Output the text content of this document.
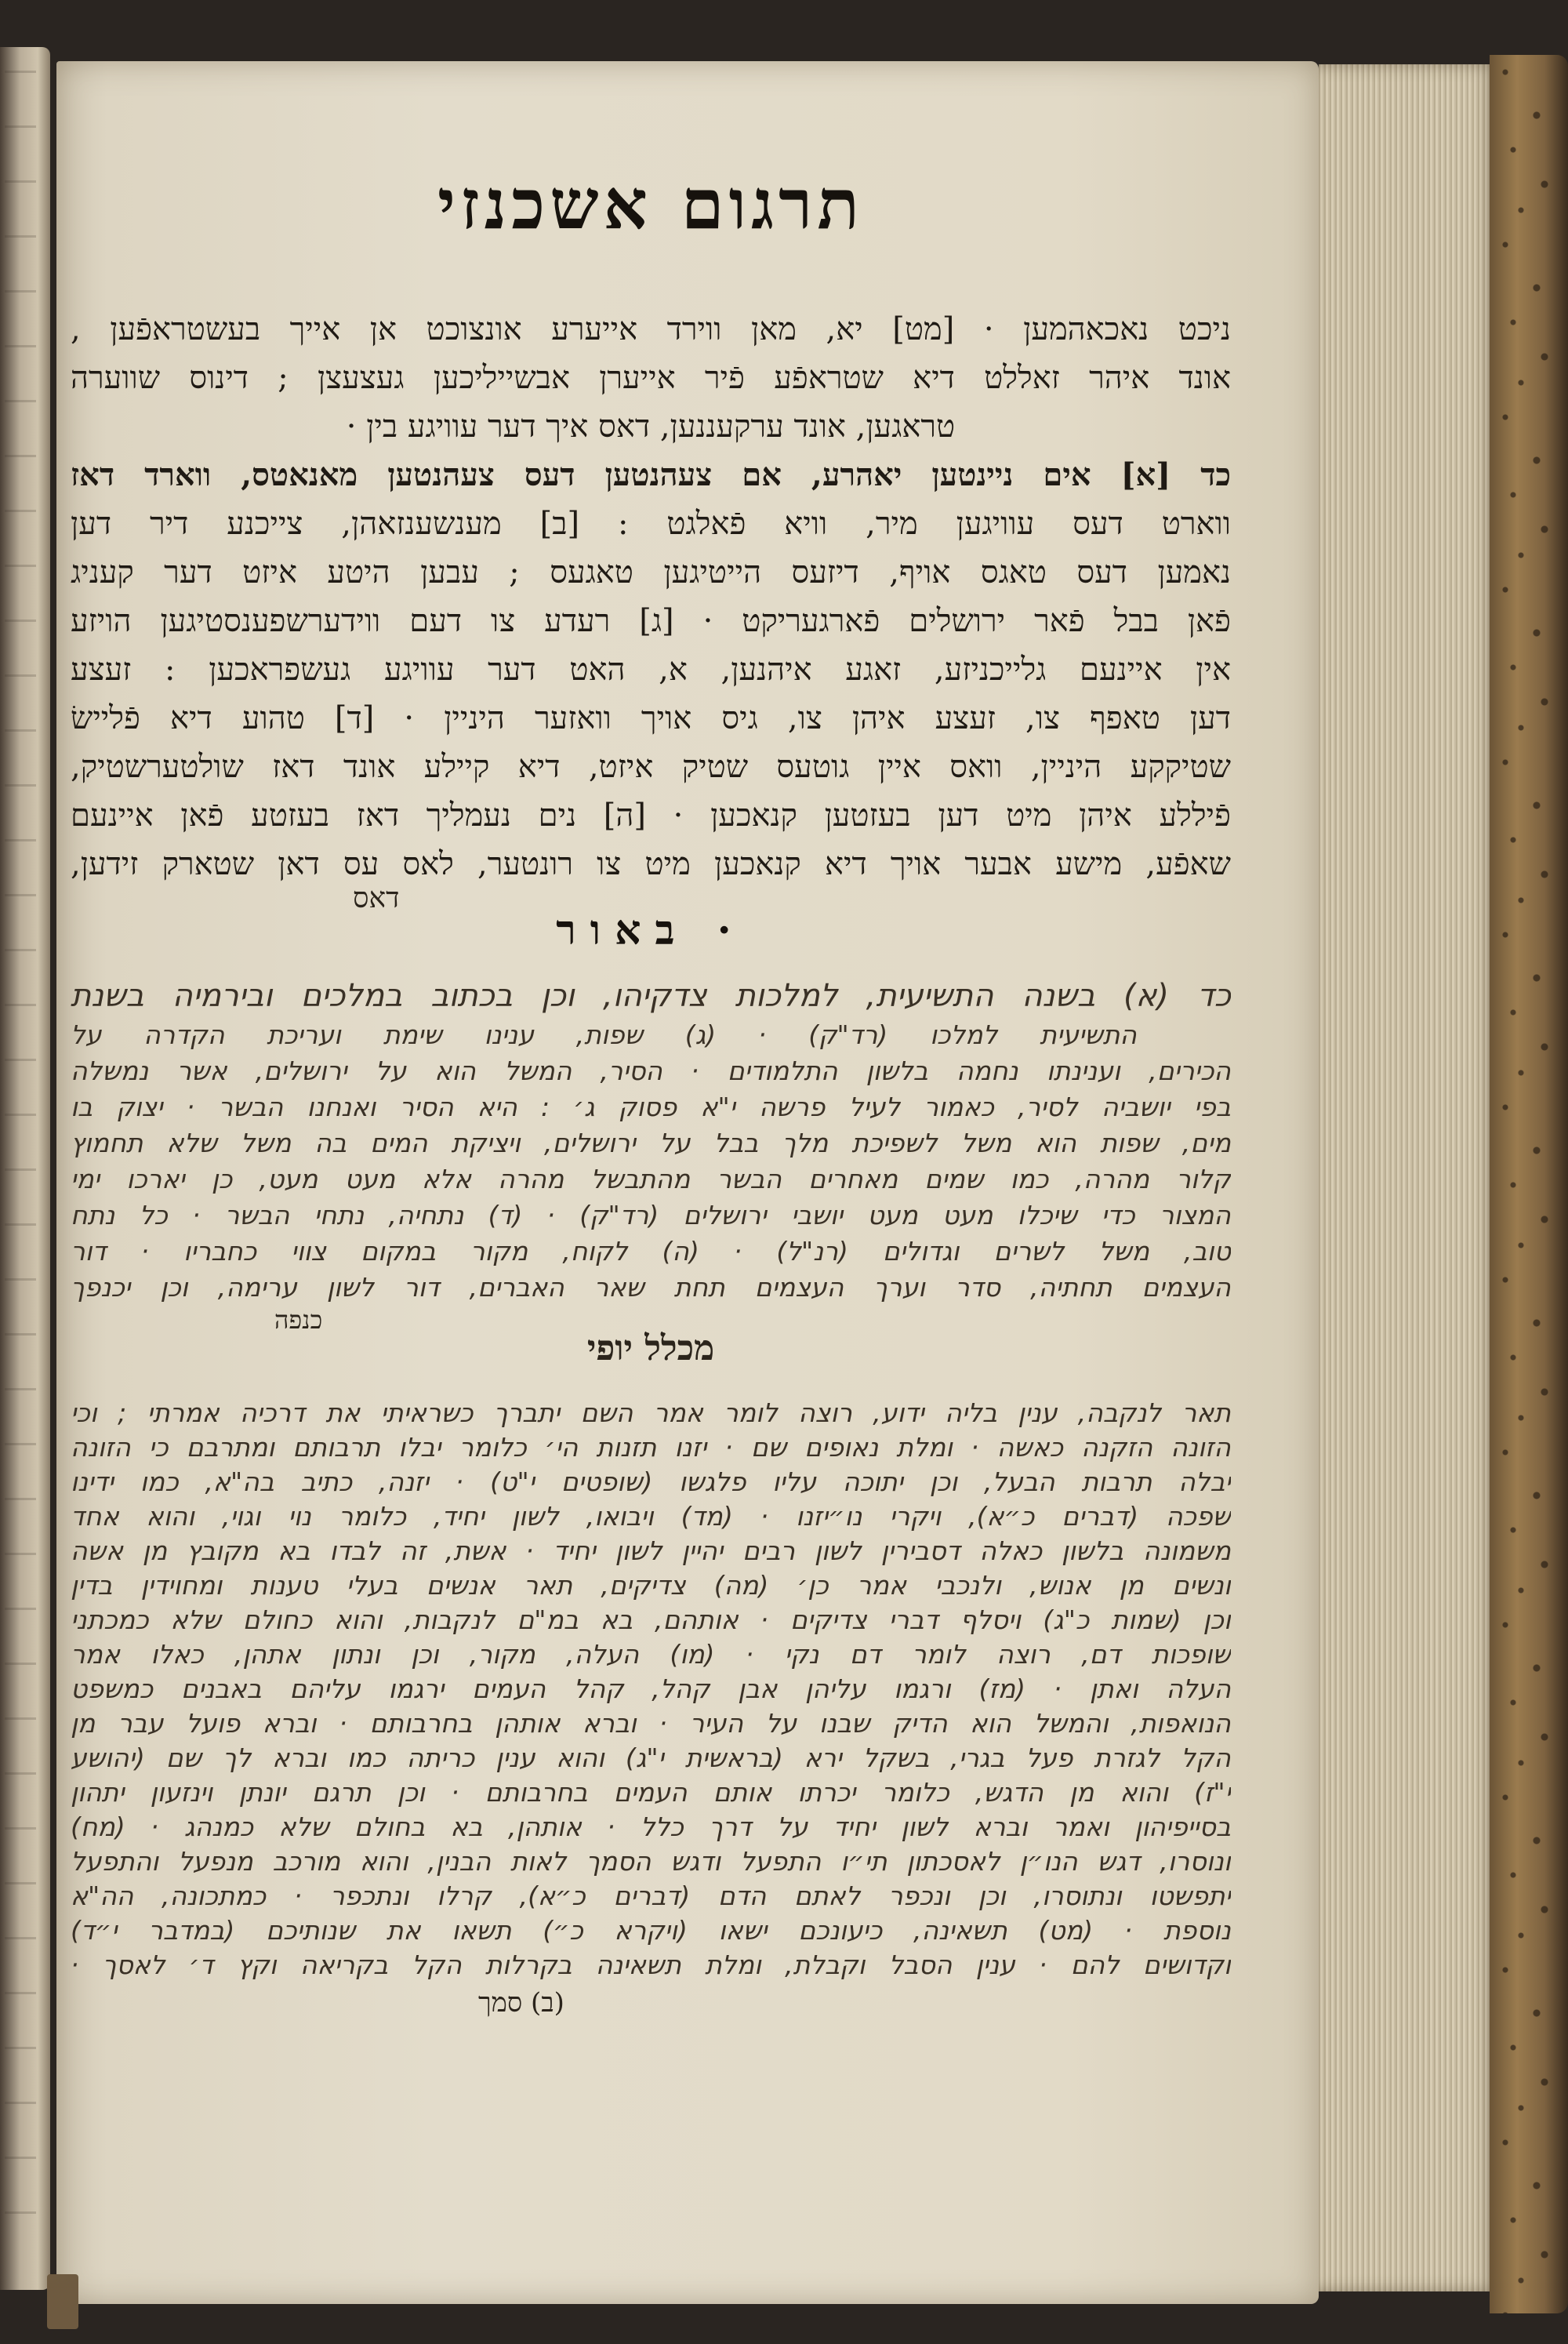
תרגום אשכנזי
ניכט נאכאהמען · [מט] יא, מאן ווירד אייערע אונצוכט אן אייך בעשטראפֿען ,
אונד איהר זאללט דיא שטראפֿע פֿיר אייערן אבשייליכען געצעצן ; דינוס שווערה
טראגען, אונד ערקעננען, דאס איך דער עוויגע בין ·
כד [א] אים ניינטען יאהרע, אם צעהנטען דעס צעהנטען מאנאטס, ווארד דאז
ווארט דעס עוויגען מיר, וויא פֿאלגט : [ב] מענשענזאהן, צייכנע דיר דען
נאמען דעס טאגס אויף, דיזעס הייטיגען טאגעס ; עבען היטע איזט דער קעניג
פֿאן בבל פֿאר ירושלים פֿארגעריקט · [ג] רעדע צו דעם ווידערשפענסטיגען הויזע
אין איינעם גלייכניזע, זאגע איהנען, א, האט דער עוויגע געשפראכען : זעצע
דען טאפף צו, זעצע איהן צו, גיס אויך וואזער היניין · [ד] טהוע דיא פֿליישׂ
שטיקקע היניין, וואס איין גוטעס שטיק איזט, דיא קיילע אונד דאז שולטערשטיק,
פֿיללע איהן מיט דען בעזטען קנאכען · [ה] נים נעמליך דאז בעזטע פֿאן איינעם
שאפֿע, מישע אבער אויך דיא קנאכען מיט צו רונטער, לאס עס דאן שטארק זידען,
דאס
· באור
כד (א) בשנה התשיעית, למלכות צדקיהו, וכן בכתוב במלכים ובירמיה בשנת
התשיעית למלכו (רד"ק) · (ג) שפות, ענינו שימת ועריכת הקדרה על
הכירים, וענינתו נחמה בלשון התלמודים · הסיר, המשל הוא על ירושלים, אשר נמשלה
בפי יושביה לסיר, כאמור לעיל פרשה י"א פסוק ג׳ : היא הסיר ואנחנו הבשר · יצוק בו
מים, שפות הוא משל לשפיכת מלך בבל על ירושלים, ויציקת המים בה משל שלא תחמוץ
קלור מהרה, כמו שמים מאחרים הבשר מהתבשל מהרה אלא מעט מעט, כן יארכו ימי
המצור כדי שיכלו מעט מעט יושבי ירושלים (רד"ק) · (ד) נתחיה, נתחי הבשר · כל נתח
טוב, משל לשרים וגדולים (רנ"ל) · (ה) לקוח, מקור במקום צווי כחבריו · דור
העצמים תחתיה, סדר וערך העצמים תחת שאר האברים, דור לשון ערימה, וכן יכנפך
כנפה
מכלל יופי
תאר לנקבה, ענין בליה ידוע, רוצה לומר אמר השם יתברך כשראיתי את דרכיה אמרתי ; וכי
הזונה הזקנה כאשה · ומלת נאופים שם · יזנו תזנות הי׳ כלומר יבלו תרבותם ומתרבם כי הזונה
יבלה תרבות הבעל, וכן יתוכה עליו פלגשו (שופטים י"ט) · יזנה, כתיב בה"א, כמו ידינו
שפכה (דברים כ״א), ויקרי נו״יזנו · (מד) ויבואו, לשון יחיד, כלומר נוי וגוי, והוא אחד
משמונה בלשון כאלה דסבירין לשון רבים יהיין לשון יחיד · אשת, זה לבדו בא מקובץ מן אשה
ונשים מן אנוש, ולנכבי אמר כן׳ (מה) צדיקים, תאר אנשים בעלי טענות ומחוידין בדין
וכן (שמות כ"ג) ויסלף דברי צדיקים · אותהם, בא במ"ם לנקבות, והוא כחולם שלא כמכתני
שופכות דם, רוצה לומר דם נקי · (מו) העלה, מקור, וכן ונתון אתהן, כאלו אמר
העלה ואתן · (מז) ורגמו עליהן אבן קהל, קהל העמים ירגמו עליהם באבנים כמשפט
הנואפות, והמשל הוא הדיק שבנו על העיר · וברא אותהן בחרבותם · וברא פועל עבר מן
הקל לגזרת פעל בגרי, בשקל ירא (בראשית י"ג) והוא ענין כריתה כמו וברא לך שם (יהושע
י"ז) והוא מן הדגש, כלומר יכרתו אותם העמים בחרבותם · וכן תרגם יונתן וינזעון יתהון
בסייפיהון ואמר וברא לשון יחיד על דרך כלל · אותהן, בא בחולם שלא כמנהג · (מח)
ונוסרו, דגש הנו״ן לאסכתון תי״ו התפעל ודגש הסמך לאות הבנין, והוא מורכב מנפעל והתפעל
יתפשטו ונתוסרו, וכן ונכפר לאתם הדם (דברים כ״א), קרלו ונתכפר · כמתכונה, הה"א
נוספת · (מט) תשאינה, כיעונכם ישאו (ויקרא כ״) תשאו את שנותיכם (במדבר י״ד)
וקדושים להם · ענין הסבל וקבלת, ומלת תשאינה בקרלות הקל בקריאה וקץ ד׳ לאסך ·
(ב) סמך
